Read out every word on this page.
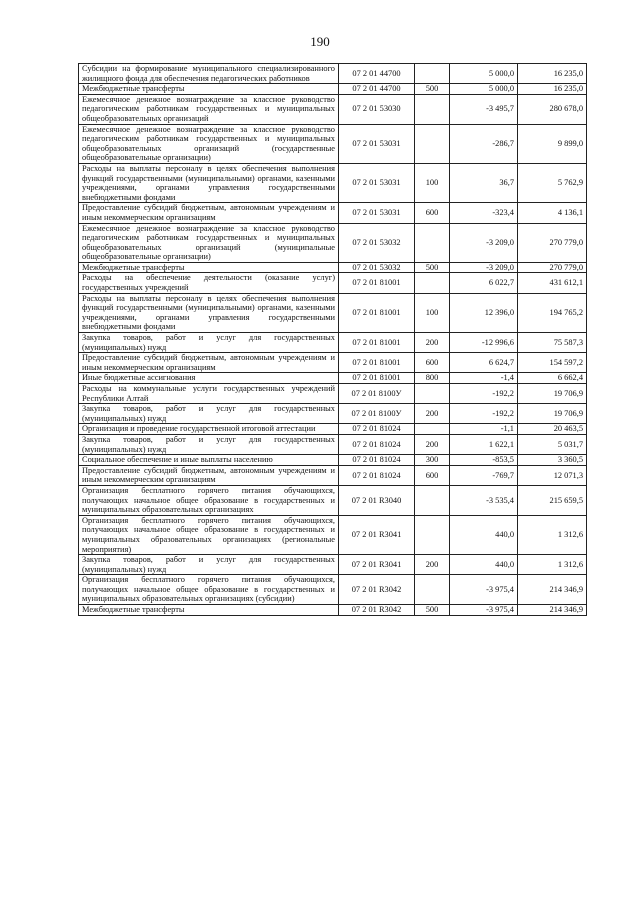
190
Субсидии на формирование муниципального специализированного жилищного фонда для обеспечения педагогических работников	07 2 01 44700		5 000,0	16 235,0
Межбюджетные трансферты	07 2 01 44700	500	5 000,0	16 235,0
Ежемесячное денежное вознаграждение за классное руководство педагогическим работникам государственных и муниципальных общеобразовательных организаций	07 2 01 53030		-3 495,7	280 678,0
Ежемесячное денежное вознаграждение за классное руководство педагогическим работникам государственных и муниципальных общеобразовательных организаций (государственные общеобразовательные организации)	07 2 01 53031		-286,7	9 899,0
Расходы на выплаты персоналу в целях обеспечения выполнения функций государственными (муниципальными) органами, казенными учреждениями, органами управления государственными внебюджетными фондами	07 2 01 53031	100	36,7	5 762,9
Предоставление субсидий бюджетным, автономным учреждениям и иным некоммерческим организациям	07 2 01 53031	600	-323,4	4 136,1
Ежемесячное денежное вознаграждение за классное руководство педагогическим работникам государственных и муниципальных общеобразовательных организаций (муниципальные общеобразовательные организации)	07 2 01 53032		-3 209,0	270 779,0
Межбюджетные трансферты	07 2 01 53032	500	-3 209,0	270 779,0
Расходы на обеспечение деятельности (оказание услуг) государственных учреждений	07 2 01 81001		6 022,7	431 612,1
Расходы на выплаты персоналу в целях обеспечения выполнения функций государственными (муниципальными) органами, казенными учреждениями, органами управления государственными внебюджетными фондами	07 2 01 81001	100	12 396,0	194 765,2
Закупка товаров, работ и услуг для государственных (муниципальных) нужд	07 2 01 81001	200	-12 996,6	75 587,3
Предоставление субсидий бюджетным, автономным учреждениям и иным некоммерческим организациям	07 2 01 81001	600	6 624,7	154 597,2
Иные бюджетные ассигнования	07 2 01 81001	800	-1,4	6 662,4
Расходы на коммунальные услуги государственных учреждений Республики Алтай	07 2 01 8100У		-192,2	19 706,9
Закупка товаров, работ и услуг для государственных (муниципальных) нужд	07 2 01 8100У	200	-192,2	19 706,9
Организация и проведение государственной итоговой аттестации	07 2 01 81024		-1,1	20 463,5
Закупка товаров, работ и услуг для государственных (муниципальных) нужд	07 2 01 81024	200	1 622,1	5 031,7
Социальное обеспечение и иные выплаты населению	07 2 01 81024	300	-853,5	3 360,5
Предоставление субсидий бюджетным, автономным учреждениям и иным некоммерческим организациям	07 2 01 81024	600	-769,7	12 071,3
Организация бесплатного горячего питания обучающихся, получающих начальное общее образование в государственных и муниципальных образовательных организациях	07 2 01 R3040		-3 535,4	215 659,5
Организация бесплатного горячего питания обучающихся, получающих начальное общее образование в государственных и муниципальных образовательных организациях (региональные мероприятия)	07 2 01 R3041		440,0	1 312,6
Закупка товаров, работ и услуг для государственных (муниципальных) нужд	07 2 01 R3041	200	440,0	1 312,6
Организация бесплатного горячего питания обучающихся, получающих начальное общее образование в государственных и муниципальных образовательных организациях (субсидии)	07 2 01 R3042		-3 975,4	214 346,9
Межбюджетные трансферты	07 2 01 R3042	500	-3 975,4	214 346,9
